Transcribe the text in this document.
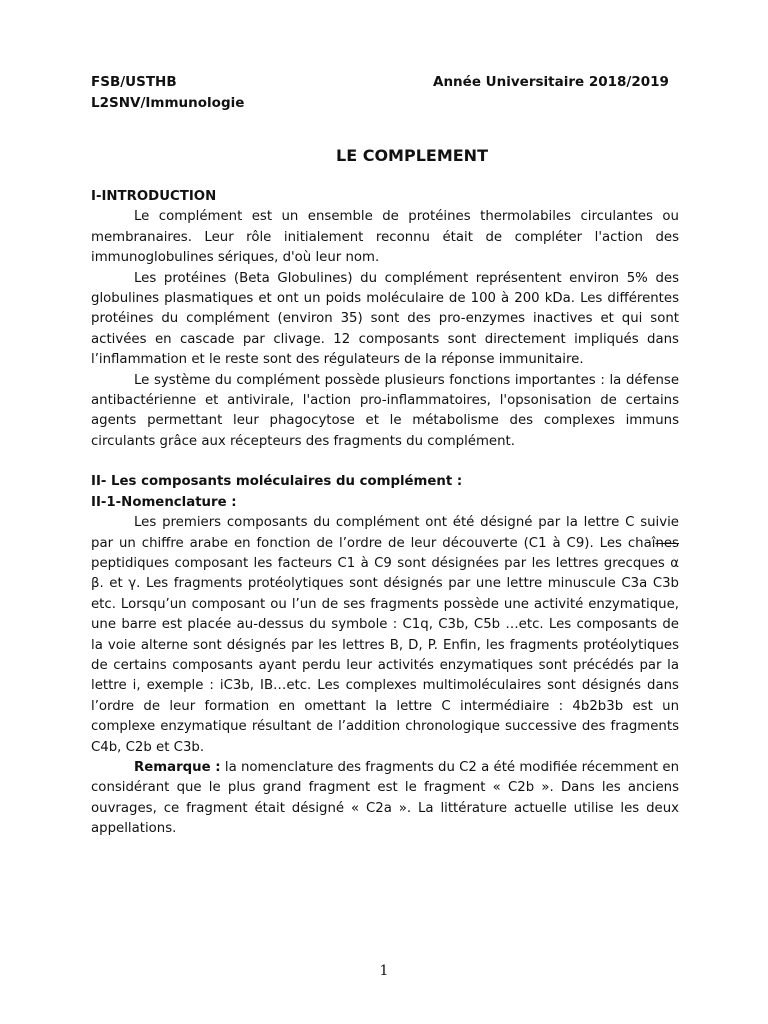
FSB/USTHB	Année Universitaire 2018/2019
L2SNV/Immunologie
LE COMPLEMENT
I-INTRODUCTION

Le complément est un ensemble de protéines thermolabiles circulantes ou membranaires. Leur rôle initialement reconnu était de compléter l'action des immunoglobulines sériques, d'où leur nom.

Les protéines (Beta Globulines) du complément représentent environ 5% des globulines plasmatiques et ont un poids moléculaire de 100 à 200 kDa. Les différentes protéines du complément (environ 35) sont des pro-enzymes inactives et qui sont activées en cascade par clivage. 12 composants sont directement impliqués dans l’inflammation et le reste sont des régulateurs de la réponse immunitaire.

Le système du complément possède plusieurs fonctions importantes : la défense antibactérienne et antivirale, l'action pro-inflammatoires, l'opsonisation de certains agents permettant leur phagocytose et le métabolisme des complexes immuns circulants grâce aux récepteurs des fragments du complément.

II- Les composants moléculaires du complément :
II-1-Nomenclature :

Les premiers composants du complément ont été désigné par la lettre C suivie par un chiffre arabe en fonction de l’ordre de leur découverte (C1 à C9). Les chaînes peptidiques composant les facteurs C1 à C9 sont désignées par les lettres grecques α β. et γ. Les fragments protéolytiques sont désignés par une lettre minuscule C3a C3b etc. Lorsqu’un composant ou l’un de ses fragments possède une activité enzymatique, une barre est placée au-dessus du symbole : C1q, C3b, C5b …etc. Les composants de la voie alterne sont désignés par les lettres B, D, P. Enfin, les fragments protéolytiques de certains composants ayant perdu leur activités enzymatiques sont précédés par la lettre i, exemple : iC3b, IB…etc. Les complexes multimoléculaires sont désignés dans l’ordre de leur formation en omettant la lettre C intermédiaire : 4b2b3b est un complexe enzymatique résultant de l’addition chronologique successive des fragments C4b, C2b et C3b.

Remarque : la nomenclature des fragments du C2 a été modifiée récemment en considérant que le plus grand fragment est le fragment « C2b ». Dans les anciens ouvrages, ce fragment était désigné « C2a ». La littérature actuelle utilise les deux appellations.

1
